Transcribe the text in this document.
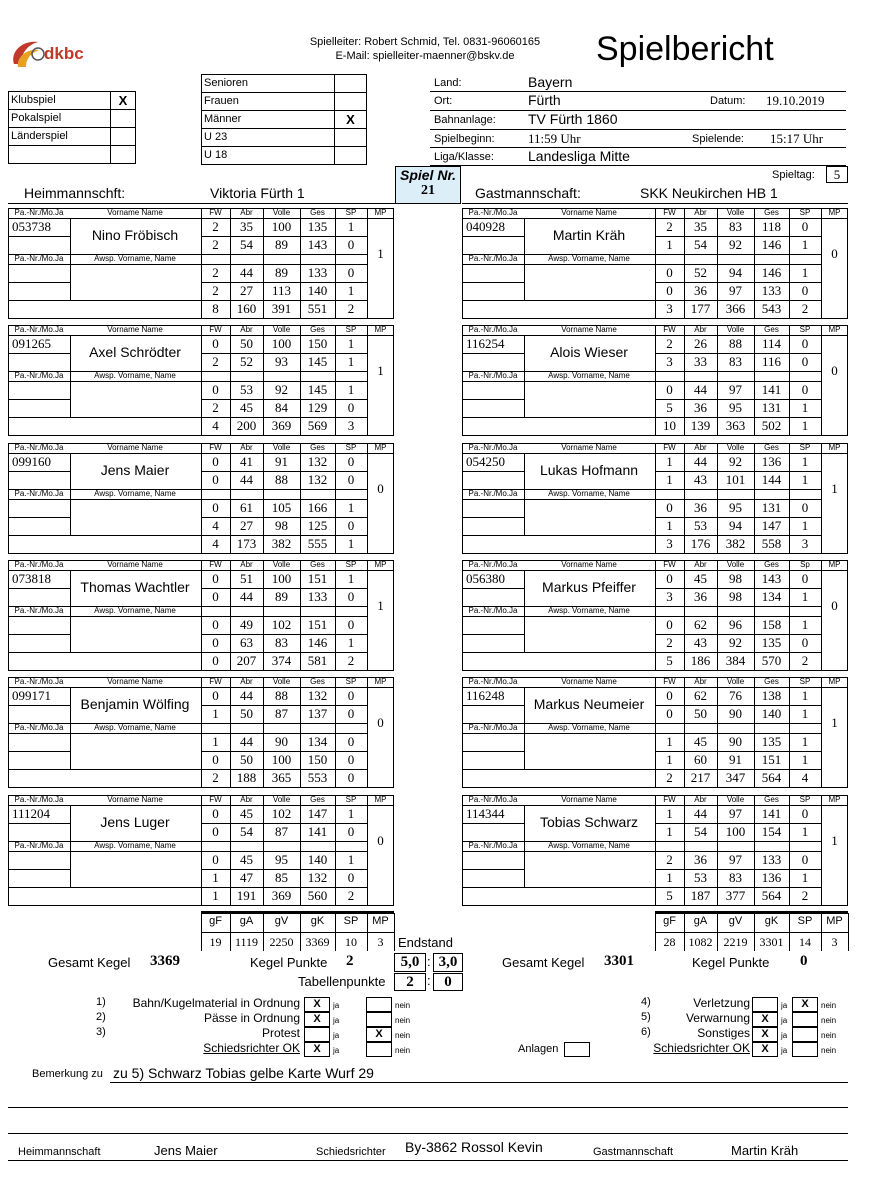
dkbc
Spielleiter: Robert Schmid, Tel. 0831-96060165
E-Mail: spielleiter-maenner@bskv.de	Spielbericht
Klubspiel	X
Pokalspiel
Länderspiel
Senioren
Frauen
Männer	X
U 23
U 18
Land:	Bayern
Ort:	Fürth	Datum: 19.10.2019
Bahnanlage: TV Fürth 1860
Spielbeginn:	11:59 Uhr	Spielende: 15:17 Uhr
Liga/Klasse: Landesliga Mitte
Spiel Nr.
21
Spieltag:	5
Heimmannschft:	Viktoria Fürth 1	Gastmannschaft:	SKK Neukirchen HB 1
Pa.-Nr./Mo.Ja	Vorname Name	FW	Abr	Volle	Ges	SP	MP
Pa.-Nr./Mo.Ja	Awsp. Vorname, Name
053738
Nino Fröbisch
2	35	100	135	1
2	54	89	143	0
2	44	89	133	0
2	27	113	140	1
8	160	391	551	2
1
Pa.-Nr./Mo.Ja	Vorname Name	FW	Abr	Volle	Ges	SP	MP
Pa.-Nr./Mo.Ja	Awsp. Vorname, Name
091265
Axel Schrödter
0	50	100	150	1
2	52	93	145	1
0	53	92	145	1
2	45	84	129	0
4	200	369	569	3
1
Pa.-Nr./Mo.Ja	Vorname Name	FW	Abr	Volle	Ges	SP	MP
Pa.-Nr./Mo.Ja	Awsp. Vorname, Name
099160
Jens Maier
0	41	91	132	0
0	44	88	132	0
0	61	105	166	1
4	27	98	125	0
4	173	382	555	1
0
Pa.-Nr./Mo.Ja	Vorname Name	FW	Abr	Volle	Ges	SP	MP
Pa.-Nr./Mo.Ja	Awsp. Vorname, Name
073818
Thomas Wachtler
0	51	100	151	1
0	44	89	133	0
0	49	102	151	0
0	63	83	146	1
0	207	374	581	2
1
Pa.-Nr./Mo.Ja	Vorname Name	FW	Abr	Volle	Ges	SP	MP
Pa.-Nr./Mo.Ja	Awsp. Vorname, Name
099171
Benjamin Wölfing
0	44	88	132	0
1	50	87	137	0
1	44	90	134	0
0	50	100	150	0
2	188	365	553	0
0
Pa.-Nr./Mo.Ja	Vorname Name	FW	Abr	Volle	Ges	SP	MP
Pa.-Nr./Mo.Ja	Awsp. Vorname, Name
111204
Jens Luger
0	45	102	147	1
0	54	87	141	0
0	45	95	140	1
1	47	85	132	0
1	191	369	560	2
0
Pa.-Nr./Mo.Ja	Vorname Name	FW	Abr	Volle	Ges	SP	MP
Pa.-Nr./Mo.Ja	Awsp. Vorname, Name
040928
Martin Kräh
2	35	83	118	0
1	54	92	146	1
0	52	94	146	1
0	36	97	133	0
3	177	366	543	2
0
Pa.-Nr./Mo.Ja	Vorname Name	FW	Abr	Volle	Ges	SP	MP
Pa.-Nr./Mo.Ja	Awsp. Vorname, Name
116254
Alois Wieser
2	26	88	114	0
3	33	83	116	0
0	44	97	141	0
5	36	95	131	1
10	139	363	502	1
0
Pa.-Nr./Mo.Ja	Vorname Name	FW	Abr	Volle	Ges	SP	MP
Pa.-Nr./Mo.Ja	Awsp. Vorname, Name
054250
Lukas Hofmann
1	44	92	136	1
1	43	101	144	1
0	36	95	131	0
1	53	94	147	1
3	176	382	558	3
1
Pa.-Nr./Mo.Ja	Vorname Name	FW	Abr	Volle	Ges	Sp	MP
Pa.-Nr./Mo.Ja	Awsp. Vorname, Name
056380
Markus Pfeiffer
0	45	98	143	0
3	36	98	134	1
0	62	96	158	1
2	43	92	135	0
5	186	384	570	2
0
Pa.-Nr./Mo.Ja	Vorname Name	FW	Abr	Volle	Ges	SP	MP
Pa.-Nr./Mo.Ja	Awsp. Vorname, Name
116248
Markus Neumeier
0	62	76	138	1
0	50	90	140	1
1	45	90	135	1
1	60	91	151	1
2	217	347	564	4
1
Pa.-Nr./Mo.Ja	Vorname Name	FW	Abr	Volle	Ges	SP	MP
Pa.-Nr./Mo.Ja	Awsp. Vorname, Name
114344
Tobias Schwarz
1	44	97	141	0
1	54	100	154	1
2	36	97	133	0
1	53	83	136	1
5	187	377	564	2
1
gF
19
gA
1119
gV
2250
gK
3369
SP
10
MP
3
gF
28
gA
1082
gV
2219
gK
3301
SP
14
MP
3
Endstand
Gesamt Kegel 3369	Kegel Punkte 2	5,0 : 3,0	Gesamt Kegel 3301	Kegel Punkte 0
Tabellenpunkte	2	: 0
1) Bahn/Kugelmaterial in Ordnung	X	ja	nein
2)	Pässe in Ordnung	X	ja	nein
3)	Protest	ja	X	nein
Schiedsrichter OK	X	ja	nein
4)	Verletzung	ja	X	nein
5)	Verwarnung	X	ja	nein
6)	Sonstiges	X	ja	nein
Schiedsrichter OK	X	ja	nein
Anlagen
Bemerkung zu zu 5) Schwarz Tobias gelbe Karte Wurf 29
Heimmannschaft	Jens Maier	Schiedsrichter By-3862 Rossol Kevin	Gastmannschaft	Martin Kräh
